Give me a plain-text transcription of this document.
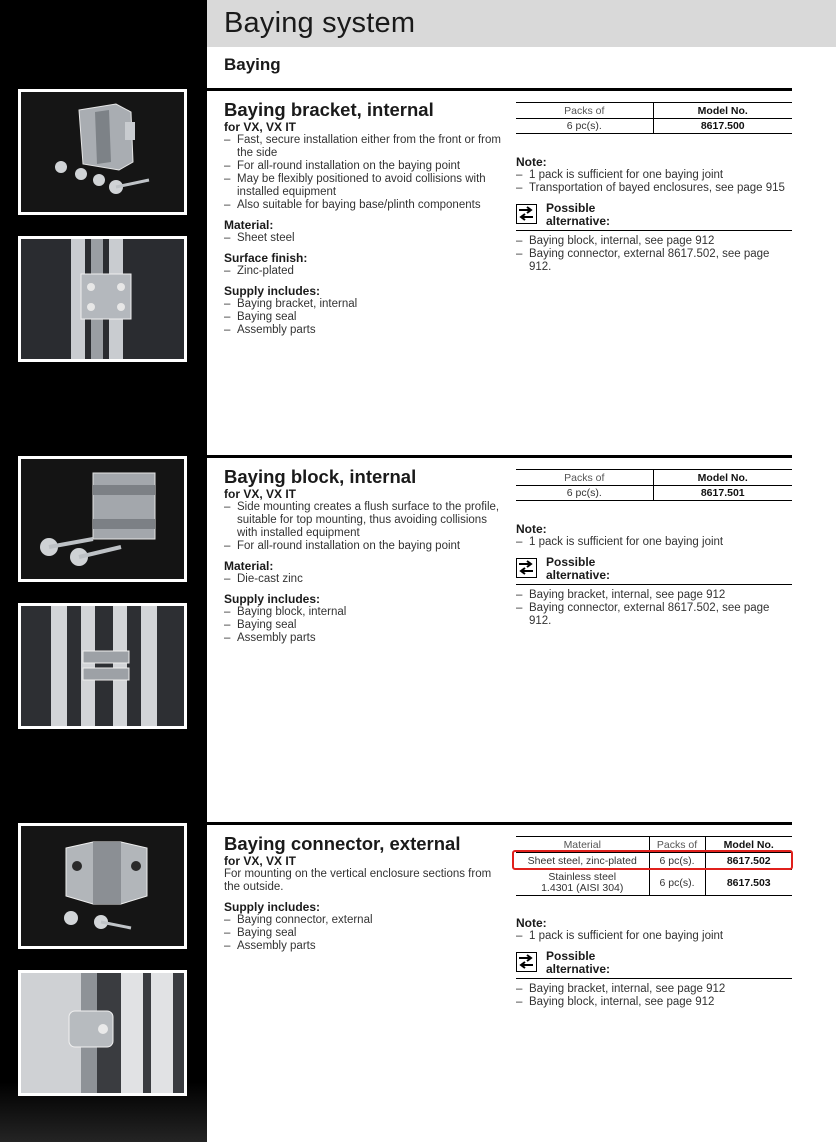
Baying system
Baying
Baying bracket, internal
for VX, VX IT
– Fast, secure installation either from the front or from the side
– For all-round installation on the baying point
– May be flexibly positioned to avoid collisions with installed equipment
– Also suitable for baying base/plinth components
Material:
– Sheet steel
Surface finish:
– Zinc-plated
Supply includes:
– Baying bracket, internal
– Baying seal
– Assembly parts
Packs of	Model No.
6 pc(s).	8617.500
Note:
– 1 pack is sufficient for one baying joint
– Transportation of bayed enclosures, see page 915
Possible
alternative:
– Baying block, internal, see page 912
– Baying connector, external 8617.502, see page 912.
Baying block, internal
for VX, VX IT
– Side mounting creates a flush surface to the profile, suitable for top mounting, thus avoiding collisions with installed equipment
– For all-round installation on the baying point
Material:
– Die-cast zinc
Supply includes:
– Baying block, internal
– Baying seal
– Assembly parts
Packs of	Model No.
6 pc(s).	8617.501
Note:
– 1 pack is sufficient for one baying joint
Possible
alternative:
– Baying bracket, internal, see page 912
– Baying connector, external 8617.502, see page 912.
Baying connector, external
for VX, VX IT
For mounting on the vertical enclosure sections from the outside.
Supply includes:
– Baying connector, external
– Baying seal
– Assembly parts
Material	Packs of	Model No.
Sheet steel, zinc-plated	6 pc(s).	8617.502
Stainless steel 1.4301 (AISI 304)	6 pc(s).	8617.503
Note:
– 1 pack is sufficient for one baying joint
Possible
alternative:
– Baying bracket, internal, see page 912
– Baying block, internal, see page 912
